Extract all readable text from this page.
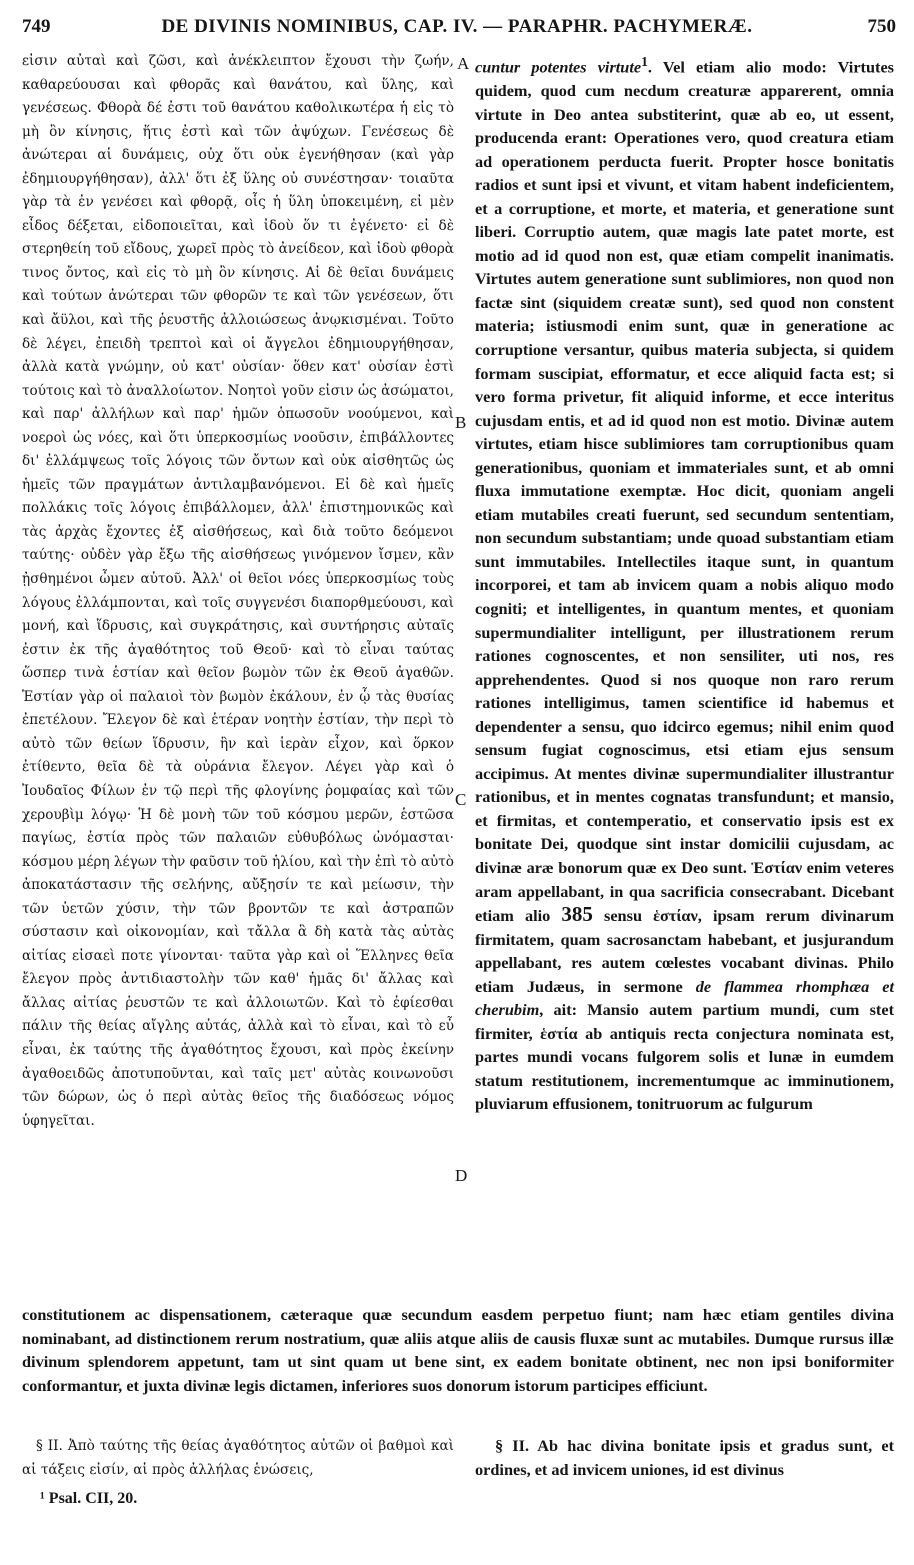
749	DE DIVINIS NOMINIBUS, CAP. IV. — PARAPHR. PACHYMERÆ.	750

εἰσιν αὐταὶ καὶ ζῶσι, καὶ ἀνέκλειπτον ἔχουσι τὴν ζωήν, καθαρεύουσαι καὶ φθορᾶς καὶ θανάτου, καὶ ὕλης, καὶ γενέσεως. Φθορὰ δέ ἐστι τοῦ θανάτου καθολικωτέρα ἡ εἰς τὸ μὴ ὂν κίνησις, ἥτις ἐστὶ καὶ τῶν ἀψύχων. Γενέσεως δὲ ἀνώτεραι αἱ δυνάμεις, οὐχ ὅτι οὐκ ἐγενήθησαν (καὶ γὰρ ἐδημιουργήθησαν), ἀλλ' ὅτι ἐξ ὕλης οὐ συνέστησαν· τοιαῦτα γὰρ τὰ ἐν γενέσει καὶ φθορᾷ, οἷς ἡ ὕλη ὑποκειμένη, εἰ μὲν εἶδος δέξεται, εἰδοποιεῖται, καὶ ἰδοὺ ὅν τι ἐγένετο· εἰ δὲ στερηθείη τοῦ εἴδους, χωρεῖ πρὸς τὸ ἀνείδεον, καὶ ἰδοὺ φθορὰ τινος ὄντος, καὶ εἰς τὸ μὴ ὂν κίνησις. Αἱ δὲ θεῖαι δυνάμεις καὶ τούτων ἀνώτεραι τῶν φθορῶν τε καὶ τῶν γενέσεων, ὅτι καὶ ἄϋλοι, καὶ τῆς ῥευστῆς ἀλλοιώσεως ἀνῳκισμέναι. Τοῦτο δὲ λέγει, ἐπειδὴ τρεπτοὶ καὶ οἱ ἄγγελοι ἐδημιουργήθησαν, ἀλλὰ κατὰ γνώμην, οὐ κατ' οὐσίαν· ὅθεν κατ' οὐσίαν ἐστὶ τούτοις καὶ τὸ ἀναλλοίωτον. Νοητοὶ γοῦν εἰσιν ὡς ἀσώματοι, καὶ παρ' ἀλλήλων καὶ παρ' ἡμῶν ὁπωσοῦν νοούμενοι, καὶ νοεροὶ ὡς νόες, καὶ ὅτι ὑπερκοσμίως νοοῦσιν, ἐπιβάλλοντες δι' ἐλλάμψεως τοῖς λόγοις τῶν ὄντων καὶ οὐκ αἰσθητῶς ὡς ἡμεῖς τῶν πραγμάτων ἀντιλαμβανόμενοι. Εἰ δὲ καὶ ἡμεῖς πολλάκις τοῖς λόγοις ἐπιβάλλομεν, ἀλλ' ἐπιστημονικῶς καὶ τὰς ἀρχὰς ἔχοντες ἐξ αἰσθήσεως, καὶ διὰ τοῦτο δεόμενοι ταύτης· οὐδὲν γὰρ ἔξω τῆς αἰσθήσεως γινόμενον ἴσμεν, κἂν ᾐσθημένοι ὦμεν αὐτοῦ. Ἀλλ' οἱ θεῖοι νόες ὑπερκοσμίως τοὺς λόγους ἐλλάμπονται, καὶ τοῖς συγγενέσι διαπορθμεύουσι, καὶ μονή, καὶ ἵδρυσις, καὶ συγκράτησις, καὶ συντήρησις αὐταῖς ἐστιν ἐκ τῆς ἀγαθότητος τοῦ Θεοῦ· καὶ τὸ εἶναι ταύτας ὥσπερ τινὰ ἑστίαν καὶ θεῖον βωμὸν τῶν ἐκ Θεοῦ ἀγαθῶν. Ἑστίαν γὰρ οἱ παλαιοὶ τὸν βωμὸν ἐκάλουν, ἐν ᾧ τὰς θυσίας ἐπετέλουν. Ἔλεγον δὲ καὶ ἑτέραν νοητὴν ἑστίαν, τὴν περὶ τὸ αὐτὸ τῶν θείων ἵδρυσιν, ἣν καὶ ἱερὰν εἶχον, καὶ ὅρκον ἐτίθεντο, θεῖα δὲ τὰ οὐράνια ἔλεγον. Λέγει γὰρ καὶ ὁ Ἰουδαῖος Φίλων ἐν τῷ περὶ τῆς φλογίνης ῥομφαίας καὶ τῶν χερουβὶμ λόγῳ· Ἡ δὲ μονὴ τῶν τοῦ κόσμου μερῶν, ἑστῶσα παγίως, ἑστία πρὸς τῶν παλαιῶν εὐθυβόλως ὠνόμασται· κόσμου μέρη λέγων τὴν φαῦσιν τοῦ ἡλίου, καὶ τὴν ἐπὶ τὸ αὐτὸ ἀποκατάστασιν τῆς σελήνης, αὔξησίν τε καὶ μείωσιν, τὴν τῶν ὑετῶν χύσιν, τὴν τῶν βροντῶν τε καὶ ἀστραπῶν σύστασιν καὶ οἰκονομίαν, καὶ τἄλλα ἃ δὴ κατὰ τὰς αὐτὰς αἰτίας εἰσαεὶ ποτε γίνονται· ταῦτα γὰρ καὶ οἱ Ἕλληνες θεῖα ἔλεγον πρὸς ἀντιδιαστολὴν τῶν καθ' ἡμᾶς δι' ἄλλας καὶ ἄλλας αἰτίας ῥευστῶν τε καὶ ἀλλοιωτῶν. Καὶ τὸ ἐφίεσθαι πάλιν τῆς θείας αἴγλης αὐτάς, ἀλλὰ καὶ τὸ εἶναι, καὶ τὸ εὖ εἶναι, ἐκ ταύτης τῆς ἀγαθότητος ἔχουσι, καὶ πρὸς ἐκείνην ἀγαθοειδῶς ἀποτυποῦνται, καὶ ταῖς μετ' αὐτὰς κοινωνοῦσι τῶν δώρων, ὡς ὁ περὶ αὐτὰς θεῖος τῆς διαδόσεως νόμος ὑφηγεῖται.

A
B
C
D

cuntur potentes virtute$^1$. Vel etiam alio modo: Virtutes quidem, quod cum necdum creaturæ apparerent, omnia virtute in Deo antea substiterint, quæ ab eo, ut essent, producenda erant: Operationes vero, quod creatura etiam ad operationem perducta fuerit. Propter hosce bonitatis radios et sunt ipsi et vivunt, et vitam habent indeficientem, et a corruptione, et morte, et materia, et generatione sunt liberi. Corruptio autem, quæ magis late patet morte, est motio ad id quod non est, quæ etiam compelit inanimatis. Virtutes autem generatione sunt sublimiores, non quod non factæ sint (siquidem creatæ sunt), sed quod non constent materia; istiusmodi enim sunt, quæ in generatione ac corruptione versantur, quibus materia subjecta, si quidem formam suscipiat, efformatur, et ecce aliquid facta est; si vero forma privetur, fit aliquid informe, et ecce interitus cujusdam entis, et ad id quod non est motio. Divinæ autem virtutes, etiam hisce sublimiores tam corruptionibus quam generationibus, quoniam et immateriales sunt, et ab omni fluxa immutatione exemptæ. Hoc dicit, quoniam angeli etiam mutabiles creati fuerunt, sed secundum sententiam, non secundum substantiam; unde quoad substantiam etiam sunt immutabiles. Intellectiles itaque sunt, in quantum incorporei, et tam ab invicem quam a nobis aliquo modo cogniti; et intelligentes, in quantum mentes, et quoniam supermundialiter intelligunt, per illustrationem rerum rationes cognoscentes, et non sensiliter, uti nos, res apprehendentes. Quod si nos quoque non raro rerum rationes intelligimus, tamen scientifice id habemus et dependenter a sensu, quo idcirco egemus; nihil enim quod sensum fugiat cognoscimus, etsi etiam ejus sensum accipimus. At mentes divinæ supermundialiter illustrantur rationibus, et in mentes cognatas transfundunt; et mansio, et firmitas, et contemperatio, et conservatio ipsis est ex bonitate Dei, quodque sint instar domicilii cujusdam, ac divinæ aræ bonorum quæ ex Deo sunt. Ἑστίαν enim veteres aram appellabant, in qua sacrificia consecrabant. Dicebant etiam alio 385 sensu ἑστίαν, ipsam rerum divinarum firmitatem, quam sacrosanctam habebant, et jusjurandum appellabant, res autem cœlestes vocabant divinas. Philo etiam Judæus, in sermone de flammea rhomphæa et cherubim, ait: Mansio autem partium mundi, cum stet firmiter, ἑστία ab antiquis recta conjectura nominata est, partes mundi vocans fulgorem solis et lunæ in eumdem statum restitutionem, incrementumque ac imminutionem, pluviarum effusionem, tonitruorum ac fulgurum

constitutionem ac dispensationem, cæteraque quæ secundum easdem perpetuo fiunt; nam hæc etiam gentiles divina nominabant, ad distinctionem rerum nostratium, quæ aliis atque aliis de causis fluxæ sunt ac mutabiles. Dumque rursus illæ divinum splendorem appetunt, tam ut sint quam ut bene sint, ex eadem bonitate obtinent, nec non ipsi boniformiter conformantur, et juxta divinæ legis dictamen, inferiores suos donorum istorum participes efficiunt.
§ II. Ἀπὸ ταύτης τῆς θείας ἀγαθότητος αὐτῶν οἱ βαθμοὶ καὶ αἱ τάξεις εἰσίν, αἱ πρὸς ἀλλήλας ἑνώσεις,
§ II. Ab hac divina bonitate ipsis et gradus sunt, et ordines, et ad invicem uniones, id est divinus
¹ Psal. CII, 20.
